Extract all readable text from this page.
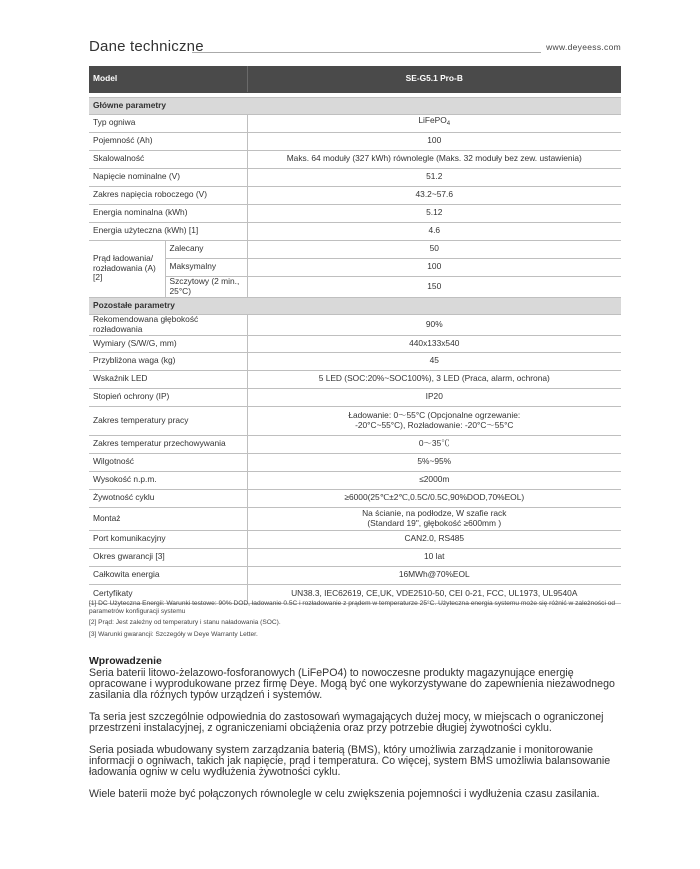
Dane techniczne	www.deyeess.com
Model		SE-G5.1 Pro-B

Główne parametry		
Typ ogniwa		LiFePO$_4$
Pojemność (Ah)		100
Skalowalność		Maks. 64 moduły (327 kWh) równolegle (Maks. 32 moduły bez zew. ustawienia)
Napięcie nominalne (V)		51.2
Zakres napięcia roboczego (V)		43.2~57.6
Energia nominalna (kWh)		5.12
Energia użyteczna (kWh) [1]		4.6
Prąd ładowania/ rozładowania (A) [2]	Zalecany	50
	Maksymalny	100
	Szczytowy (2 min., 25°C)	150
Pozostałe parametry		
Rekomendowana głębokość rozładowania		90%
Wymiary (S/W/G, mm)		440x133x540
Przybliżona waga (kg)		45
Wskaźnik LED		5 LED (SOC:20%~SOC100%), 3 LED (Praca, alarm, ochrona)
Stopień ochrony (IP)		IP20
Zakres temperatury pracy		Ładowanie: 0〜55°C (Opcjonalne ogrzewanie: -20°C~55°C), Rozładowanie: -20°C〜55°C
Zakres temperatur przechowywania		0〜35℃
Wilgotność		5%~95%
Wysokość n.p.m.		≤2000m
Żywotność cyklu		≥6000(25℃±2℃,0.5C/0.5C,90%DOD,70%EOL)
Montaż		Na ścianie, na podłodze, W szafie rack (Standard 19", głębokość ≥600mm )
Port komunikacyjny		CAN2.0, RS485
Okres gwarancji [3]		10 lat
Całkowita energia		16MWh@70%EOL
Certyfikaty		UN38.3, IEC62619, CE,UK, VDE2510-50, CEI 0-21, FCC, UL1973, UL9540A

[1] DC Użyteczna Energii: Warunki testowe: 90% DOD, ładowanie 0.5C i rozładowanie z prądem w temperaturze 25°C. Użyteczna energia systemu może się różnić w zależności od parametrów konfiguracji systemu

[2] Prąd: Jest zależny od temperatury i stanu naładowania (SOC).

[3] Warunki gwarancji: Szczegóły w Deye Warranty Letter.

Wprowadzenie

Seria baterii litowo-żelazowo-fosforanowych (LiFePO4) to nowoczesne produkty magazynujące energię opracowane i wyprodukowane przez firmę Deye. Mogą być one wykorzystywane do zapewnienia niezawodnego zasilania dla różnych typów urządzeń i systemów.

Ta seria jest szczególnie odpowiednia do zastosowań wymagających dużej mocy, w miejscach o ograniczonej przestrzeni instalacyjnej, z ograniczeniami obciążenia oraz przy potrzebie długiej żywotności cyklu.

Seria posiada wbudowany system zarządzania baterią (BMS), który umożliwia zarządzanie i monitorowanie informacji o ogniwach, takich jak napięcie, prąd i temperatura. Co więcej, system BMS umożliwia balansowanie ładowania ogniw w celu wydłużenia żywotności cyklu.

Wiele baterii może być połączonych równolegle w celu zwiększenia pojemności i wydłużenia czasu zasilania.
